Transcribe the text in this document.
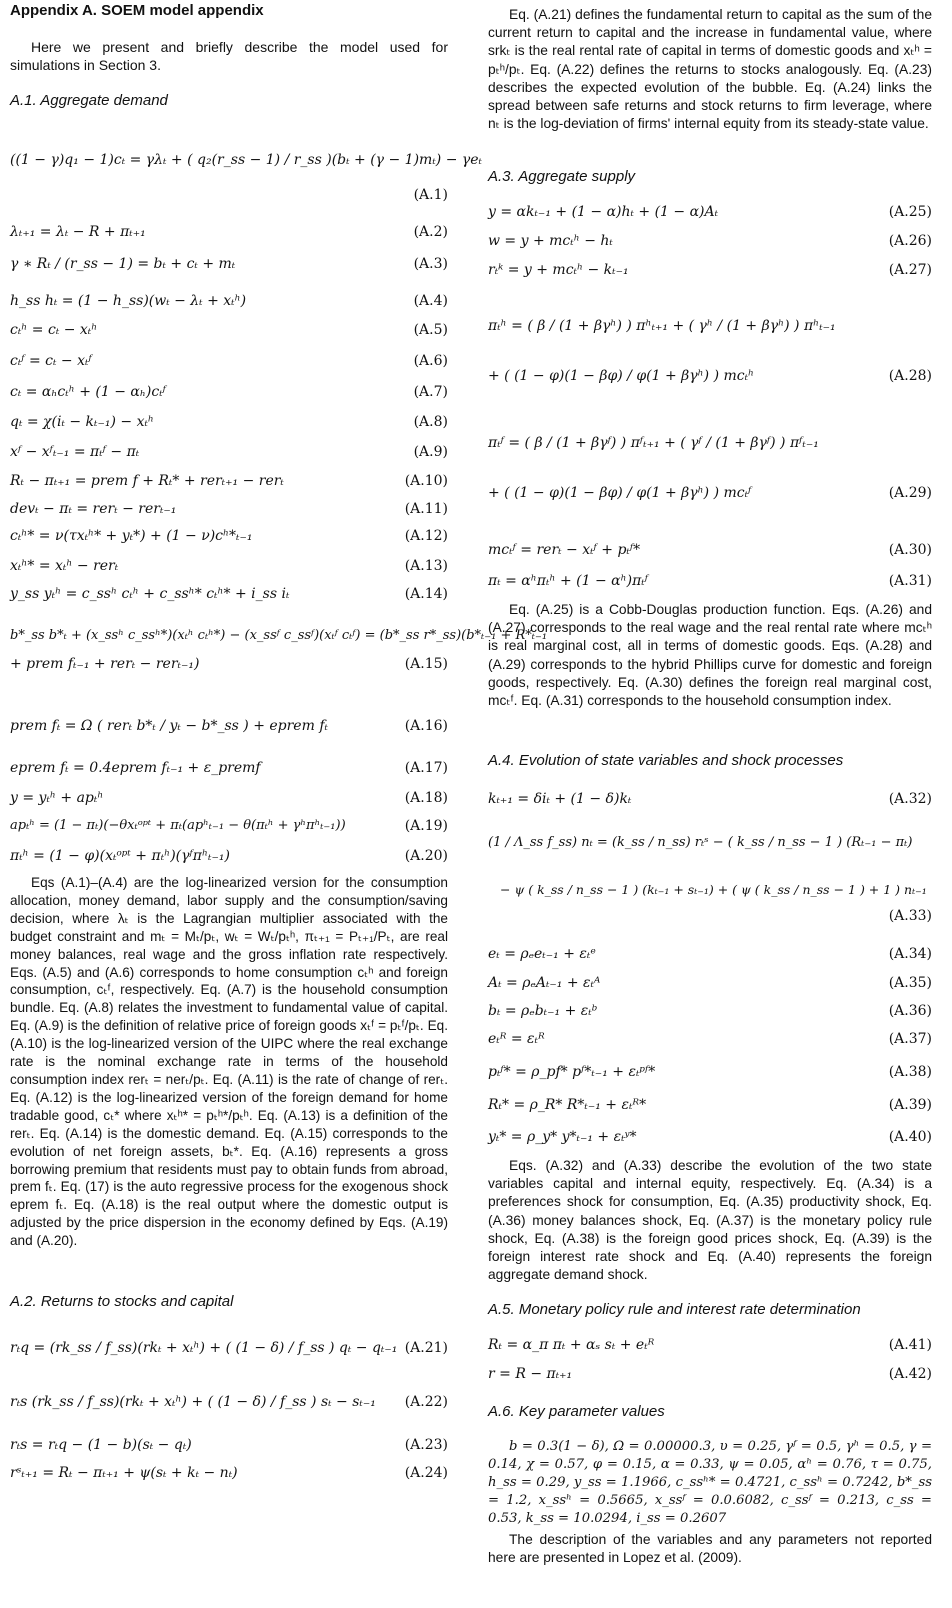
Appendix A. SOEM model appendix
Here we present and briefly describe the model used for simulations in Section 3.
A.1. Aggregate demand
((1 − γ)q₁ − 1)cₜ = γλₜ + ( q₂(r_ss − 1) / r_ss )(bₜ + (γ − 1)mₜ) − γeₜ
(A.1)
λₜ₊₁ = λₜ − R + πₜ₊₁	(A.2)
γ ∗ Rₜ / (r_ss − 1) = bₜ + cₜ + mₜ	(A.3)
h_ss hₜ = (1 − h_ss)(wₜ − λₜ + xₜʰ)	(A.4)
cₜʰ = cₜ − xₜʰ	(A.5)
cₜᶠ = cₜ − xₜᶠ	(A.6)
cₜ = αₕcₜʰ + (1 − αₕ)cₜᶠ	(A.7)
qₜ = χ(iₜ − kₜ₋₁) − xₜʰ	(A.8)
xᶠ − xᶠₜ₋₁ = πₜᶠ − πₜ	(A.9)
Rₜ − πₜ₊₁ = prem f + Rₜ* + rerₜ₊₁ − rerₜ	(A.10)
devₜ − πₜ = rerₜ − rerₜ₋₁	(A.11)
cₜʰ* = ν(τxₜʰ* + yₜ*) + (1 − ν)cʰ*ₜ₋₁	(A.12)
xₜʰ* = xₜʰ − rerₜ	(A.13)
y_ss yₜʰ = c_ssʰ cₜʰ + c_ssʰ* cₜʰ* + i_ss iₜ	(A.14)
b*_ss b*ₜ + (x_ssʰ c_ssʰ*)(xₜʰ cₜʰ*) − (x_ssᶠ c_ssᶠ)(xₜᶠ cₜᶠ) = (b*_ss r*_ss)(b*ₜ₋₁ + R*ₜ₋₁
+ prem fₜ₋₁ + rerₜ − rerₜ₋₁)	(A.15)
prem fₜ = Ω ( rerₜ b*ₜ / yₜ − b*_ss ) + eprem fₜ	(A.16)
eprem fₜ = 0.4eprem fₜ₋₁ + ε_premf	(A.17)
y = yₜʰ + apₜʰ	(A.18)
apₜʰ = (1 − πₜ)(−θxₜᵒᵖᵗ + πₜ(apʰₜ₋₁ − θ(πₜʰ + γʰπʰₜ₋₁))	(A.19)
πₜʰ = (1 − φ)(xₜᵒᵖᵗ + πₜʰ)(γᶠπʰₜ₋₁)	(A.20)
Eqs (A.1)–(A.4) are the log-linearized version for the consumption allocation, money demand, labor supply and the consumption/saving decision, where λₜ is the Lagrangian multiplier associated with the budget constraint and mₜ = Mₜ/pₜ, wₜ = Wₜ/pₜʰ, πₜ₊₁ = Pₜ₊₁/Pₜ, are real money balances, real wage and the gross inflation rate respectively. Eqs. (A.5) and (A.6) corresponds to home consumption cₜʰ and foreign consumption, cₜᶠ, respectively. Eq. (A.7) is the household consumption bundle. Eq. (A.8) relates the investment to fundamental value of capital. Eq. (A.9) is the definition of relative price of foreign goods xₜᶠ = pₜᶠ/pₜ. Eq. (A.10) is the log-linearized version of the UIPC where the real exchange rate is the nominal exchange rate in terms of the household consumption index rerₜ = nerₜ/pₜ. Eq. (A.11) is the rate of change of rerₜ. Eq. (A.12) is the log-linearized version of the foreign demand for home tradable good, cₜ* where xₜʰ* = pₜʰ*/pₜʰ. Eq. (A.13) is a definition of the rerₜ. Eq. (A.14) is the domestic demand. Eq. (A.15) corresponds to the evolution of net foreign assets, bₜ*. Eq. (A.16) represents a gross borrowing premium that residents must pay to obtain funds from abroad, prem fₜ. Eq. (17) is the auto regressive process for the exogenous shock eprem fₜ. Eq. (A.18) is the real output where the domestic output is adjusted by the price dispersion in the economy defined by Eqs. (A.19) and (A.20).
A.2. Returns to stocks and capital
rₜq = (rk_ss / f_ss)(rkₜ + xₜʰ) + ( (1 − δ) / f_ss ) qₜ − qₜ₋₁ (A.21)
rₜs (rk_ss / f_ss)(rkₜ + xₜʰ) + ( (1 − δ) / f_ss ) sₜ − sₜ₋₁ (A.22)
rₜs = rₜq − (1 − b)(sₜ − qₜ)	(A.23)
rˢₜ₊₁ = Rₜ − πₜ₊₁ + ψ(sₜ + kₜ − nₜ)	(A.24)
Eq. (A.21) defines the fundamental return to capital as the sum of the current return to capital and the increase in fundamental value, where srkₜ is the real rental rate of capital in terms of domestic goods and xₜʰ = pₜʰ/pₜ. Eq. (A.22) defines the returns to stocks analogously. Eq. (A.23) describes the expected evolution of the bubble. Eq. (A.24) links the spread between safe returns and stock returns to firm leverage, where nₜ is the log-deviation of firms' internal equity from its steady-state value.
A.3. Aggregate supply
y = αkₜ₋₁ + (1 − α)hₜ + (1 − α)Aₜ	(A.25)
w = y + mcₜʰ − hₜ	(A.26)
rₜᵏ = y + mcₜʰ − kₜ₋₁	(A.27)
πₜʰ = ( β / (1 + βγʰ) ) πʰₜ₊₁ + ( γʰ / (1 + βγʰ) ) πʰₜ₋₁
+ ( (1 − φ)(1 − βφ) / φ(1 + βγʰ) ) mcₜʰ	(A.28)
πₜᶠ = ( β / (1 + βγᶠ) ) πᶠₜ₊₁ + ( γᶠ / (1 + βγᶠ) ) πᶠₜ₋₁
+ ( (1 − φ)(1 − βφ) / φ(1 + βγʰ) ) mcₜᶠ	(A.29)
mcₜᶠ = rerₜ − xₜᶠ + pₜᶠ*	(A.30)
πₜ = αʰπₜʰ + (1 − αʰ)πₜᶠ	(A.31)
Eq. (A.25) is a Cobb-Douglas production function. Eqs. (A.26) and (A.27) corresponds to the real wage and the real rental rate where mcₜʰ is real marginal cost, all in terms of domestic goods. Eqs. (A.28) and (A.29) corresponds to the hybrid Phillips curve for domestic and foreign goods, respectively. Eq. (A.30) defines the foreign real marginal cost, mcₜᶠ. Eq. (A.31) corresponds to the household consumption index.
A.4. Evolution of state variables and shock processes
kₜ₊₁ = δiₜ + (1 − δ)kₜ	(A.32)
(1 / Λ_ss f_ss) nₜ = (k_ss / n_ss) rₜˢ − ( k_ss / n_ss − 1 ) (Rₜ₋₁ − πₜ)
− ψ ( k_ss / n_ss − 1 ) (kₜ₋₁ + sₜ₋₁) + ( ψ ( k_ss / n_ss − 1 ) + 1 ) nₜ₋₁
(A.33)
eₜ = ρₑeₜ₋₁ + εₜᵉ	(A.34)
Aₜ = ρₑAₜ₋₁ + εₜᴬ	(A.35)
bₜ = ρₑbₜ₋₁ + εₜᵇ	(A.36)
eₜᴿ = εₜᴿ	(A.37)
pₜᶠ* = ρ_pf* pᶠ*ₜ₋₁ + εₜᵖᶠ*	(A.38)
Rₜ* = ρ_R* R*ₜ₋₁ + εₜᴿ*	(A.39)
yₜ* = ρ_y* y*ₜ₋₁ + εₜʸ*	(A.40)
Eqs. (A.32) and (A.33) describe the evolution of the two state variables capital and internal equity, respectively. Eq. (A.34) is a preferences shock for consumption, Eq. (A.35) productivity shock, Eq. (A.36) money balances shock, Eq. (A.37) is the monetary policy rule shock, Eq. (A.38) is the foreign good prices shock, Eq. (A.39) is the foreign interest rate shock and Eq. (A.40) represents the foreign aggregate demand shock.
A.5. Monetary policy rule and interest rate determination
Rₜ = α_π πₜ + αₛ sₜ + eₜᴿ	(A.41)
r = R − πₜ₊₁	(A.42)
A.6. Key parameter values
b = 0.3(1 − δ), Ω = 0.00000.3, υ = 0.25, γᶠ = 0.5, γʰ = 0.5, γ = 0.14, χ = 0.57, φ = 0.15, α = 0.33, ψ = 0.05, αʰ = 0.76, τ = 0.75, h_ss = 0.29, y_ss = 1.1966, c_ssʰ* = 0.4721, c_ssʰ = 0.7242, b*_ss = 1.2, x_ssʰ = 0.5665, x_ssᶠ = 0.0.6082, c_ssᶠ = 0.213, c_ss = 0.53, k_ss = 10.0294, i_ss = 0.2607
The description of the variables and any parameters not reported here are presented in Lopez et al. (2009).
